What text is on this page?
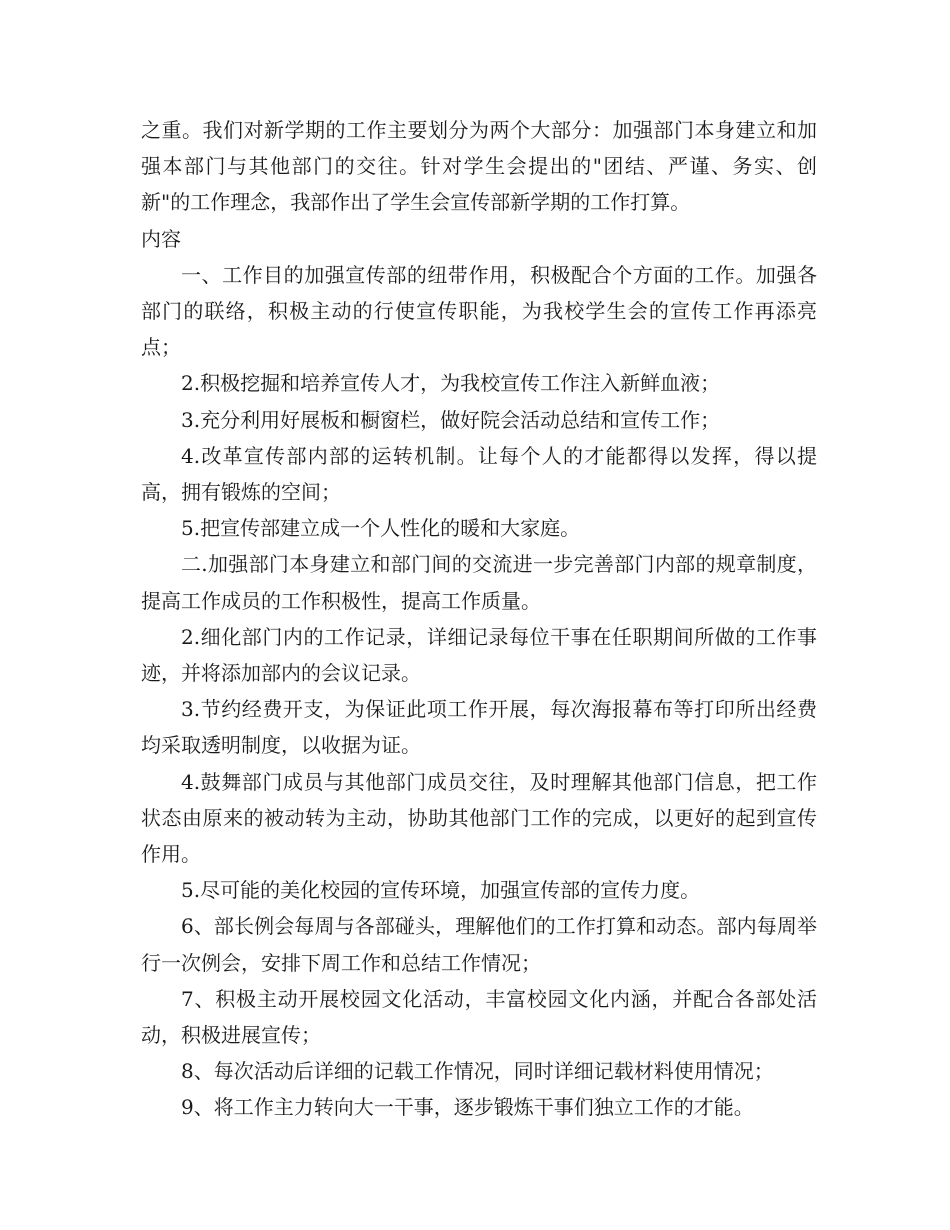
之重。我们对新学期的工作主要划分为两个大部分：加强部门本身建立和加强本部门与其他部门的交往。针对学生会提出的"团结、严谨、务实、创新"的工作理念，我部作出了学生会宣传部新学期的工作打算。

内容

一、工作目的加强宣传部的纽带作用，积极配合个方面的工作。加强各部门的联络，积极主动的行使宣传职能，为我校学生会的宣传工作再添亮点；

2.积极挖掘和培养宣传人才，为我校宣传工作注入新鲜血液；

3.充分利用好展板和橱窗栏，做好院会活动总结和宣传工作；

4.改革宣传部内部的运转机制。让每个人的才能都得以发挥，得以提高，拥有锻炼的空间；

5.把宣传部建立成一个人性化的暖和大家庭。

二.加强部门本身建立和部门间的交流进一步完善部门内部的规章制度，提高工作成员的工作积极性，提高工作质量。

2.细化部门内的工作记录，详细记录每位干事在任职期间所做的工作事迹，并将添加部内的会议记录。

3.节约经费开支，为保证此项工作开展，每次海报幕布等打印所出经费均采取透明制度，以收据为证。

4.鼓舞部门成员与其他部门成员交往，及时理解其他部门信息，把工作状态由原来的被动转为主动，协助其他部门工作的完成，以更好的起到宣传作用。

5.尽可能的美化校园的宣传环境，加强宣传部的宣传力度。

6、部长例会每周与各部碰头，理解他们的工作打算和动态。部内每周举行一次例会，安排下周工作和总结工作情况；

7、积极主动开展校园文化活动，丰富校园文化内涵，并配合各部处活动，积极进展宣传；

8、每次活动后详细的记载工作情况，同时详细记载材料使用情况；

9、将工作主力转向大一干事，逐步锻炼干事们独立工作的才能。
